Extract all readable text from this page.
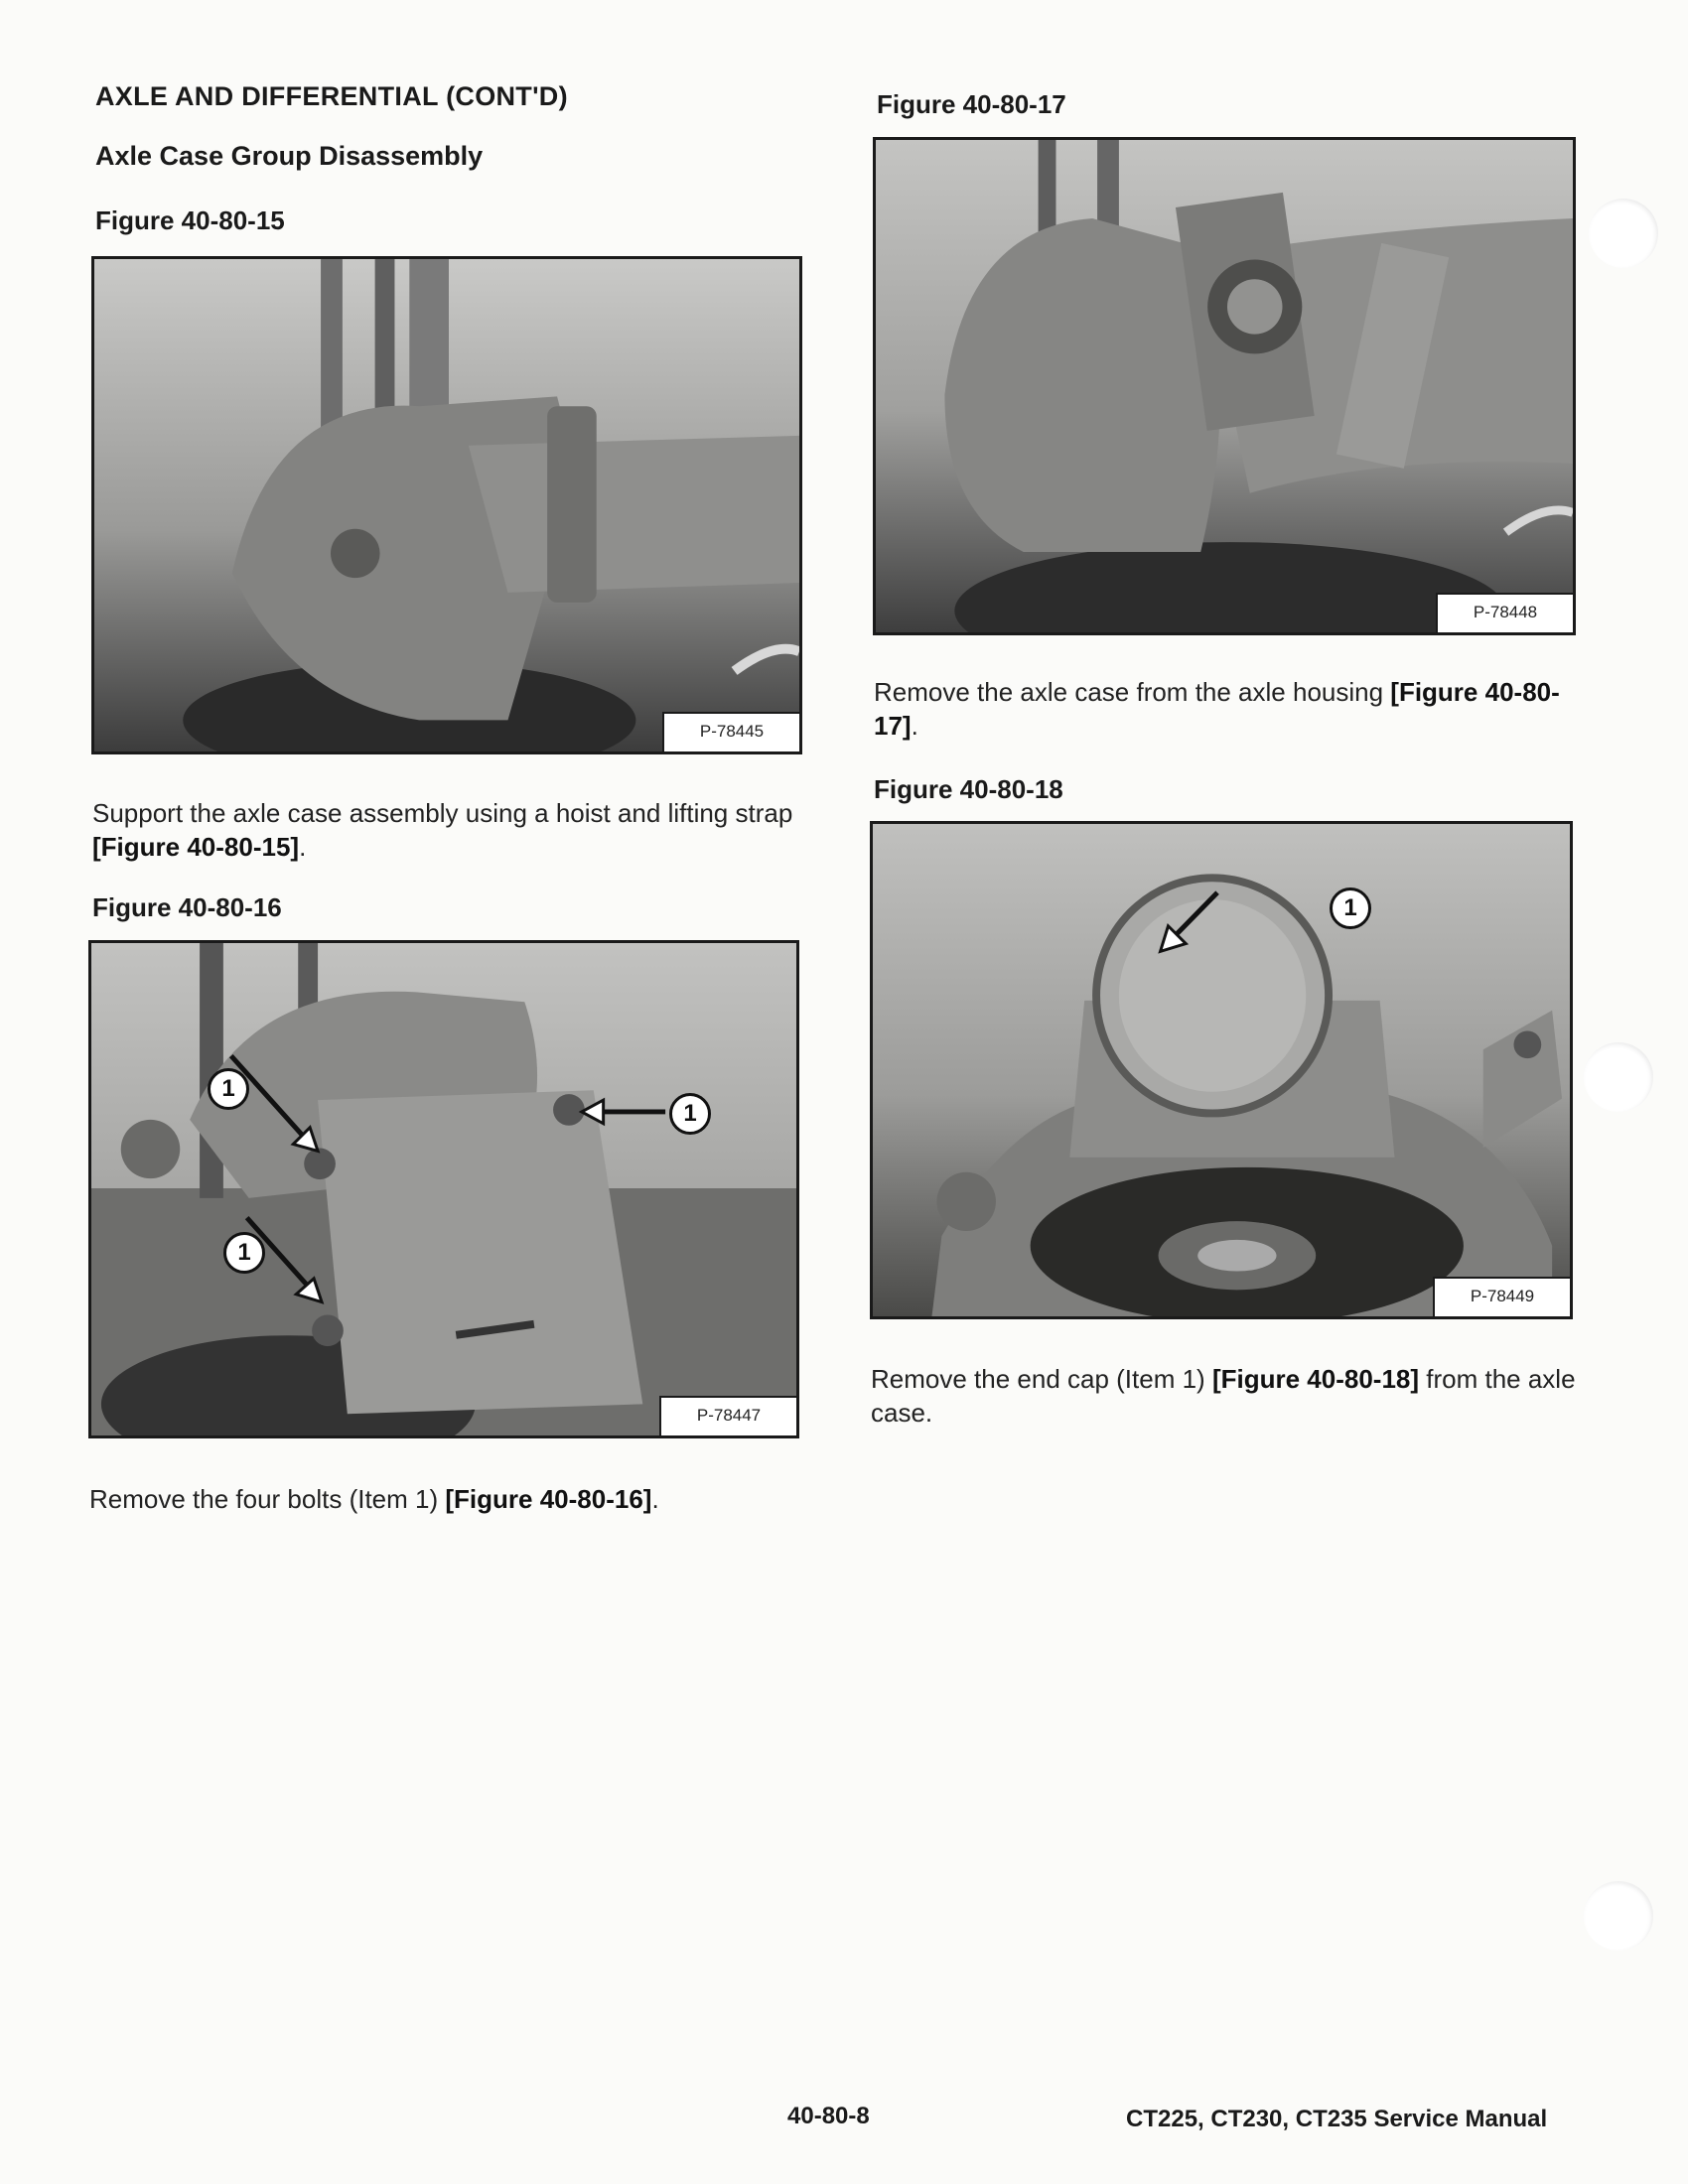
AXLE AND DIFFERENTIAL (CONT'D)
Axle Case Group Disassembly
Figure 40-80-15
P-78445
Support the axle case assembly using a hoist and lifting strap [Figure 40-80-15].
Figure 40-80-16
1
1
1
P-78447
Remove the four bolts (Item 1) [Figure 40-80-16].
Figure 40-80-17
P-78448
Remove the axle case from the axle housing [Figure 40-80-17].
Figure 40-80-18
1
P-78449
Remove the end cap (Item 1) [Figure 40-80-18] from the axle case.
40-80-8	CT225, CT230, CT235 Service Manual
